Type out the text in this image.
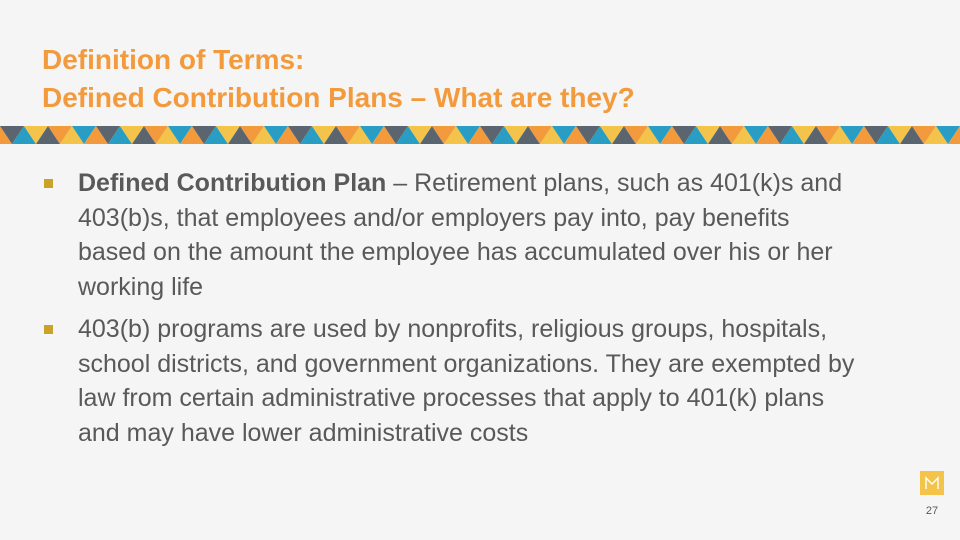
Definition of Terms:
Defined Contribution Plans – What are they?
Defined Contribution Plan – Retirement plans, such as 401(k)s and 403(b)s, that employees and/or employers pay into, pay benefits based on the amount the employee has accumulated over his or her working life
403(b) programs are used by nonprofits, religious groups, hospitals, school districts, and government organizations. They are exempted by law from certain administrative processes that apply to 401(k) plans and may have lower administrative costs
27
